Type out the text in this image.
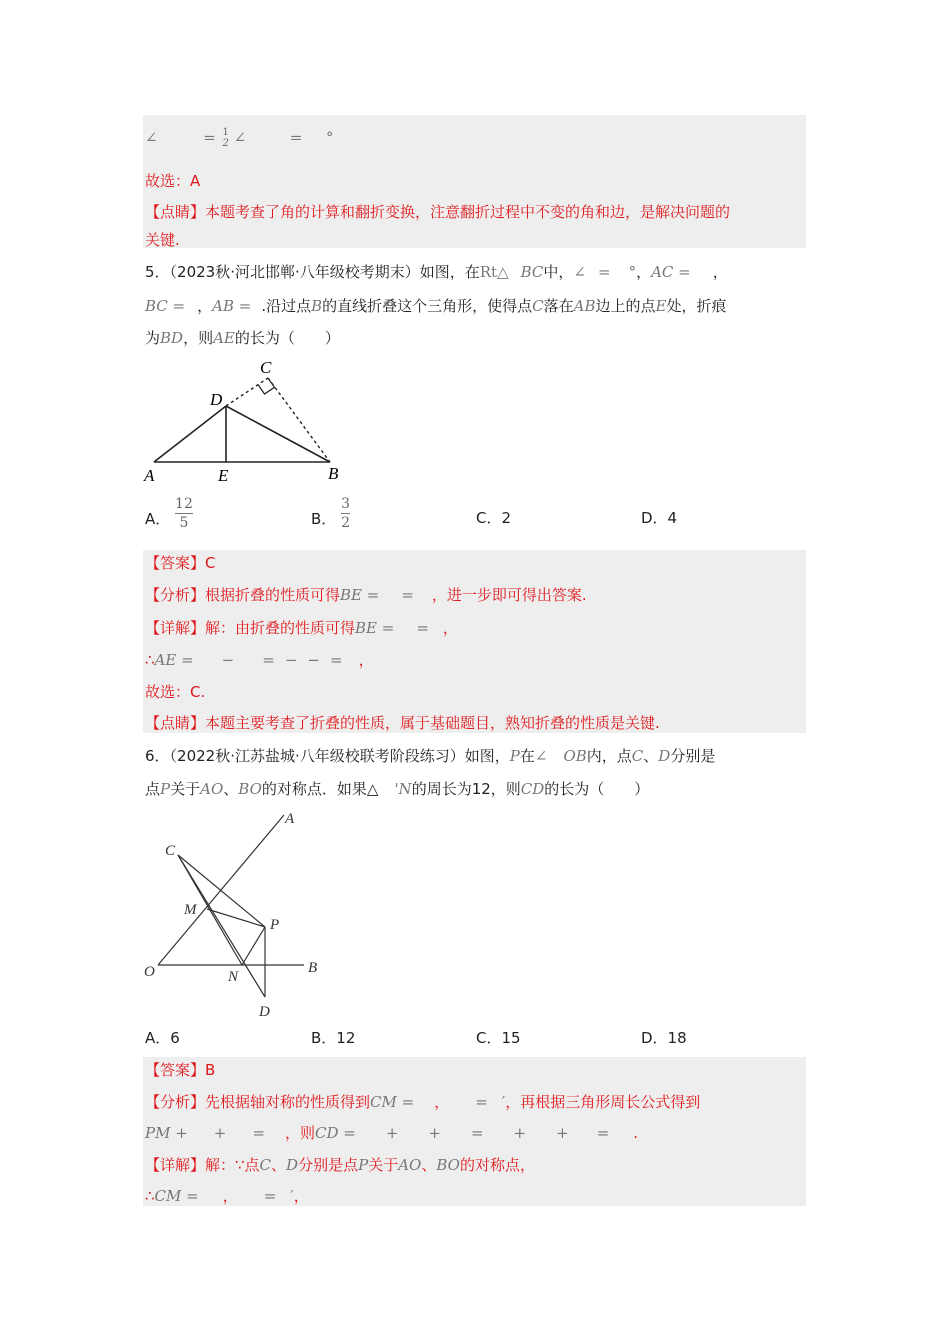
∠	= 1
2 ∠	= °
故选：A
【点睛】本题考查了角的计算和翻折变换，注意翻折过程中不变的角和边，是解决问题的
关键.
5．（2023秋·河北邯郸·八年级校考期末）如图，在Rt△ BC中，∠ = °，AC = ，
BC = ，AB = .沿过点B的直线折叠这个三角形，使得点C落在AB边上的点E处，折痕
为BD，则AE的长为（　　）
A	B
C
D
E
A． $\frac{12}{5}$	B． $\frac{3}{2}$	C．2	D．4
【答案】C
【分析】根据折叠的性质可得BE = = ，进一步即可得出答案.
【详解】解：由折叠的性质可得BE = = ，
∴AE = − = − − = ，
故选：C.
【点睛】本题主要考查了折叠的性质，属于基础题目，熟知折叠的性质是关键.
6．（2022秋·江苏盐城·八年级校联考阶段练习）如图，P在∠ OB内，点C、D分别是
点P关于AO、BO的对称点．如果△ 'N的周长为12，则CD的长为（　　）
A
B
C
D
M
N
O
P
A．6	B．12	C．15	D．18
【答案】B
【分析】先根据轴对称的性质得到CM = ， = ′，再根据三角形周长公式得到
PM + + = ，则CD = + + = + + = .
【详解】解：∵点C、D分别是点P关于AO、BO的对称点，
∴CM = ， = ′，
